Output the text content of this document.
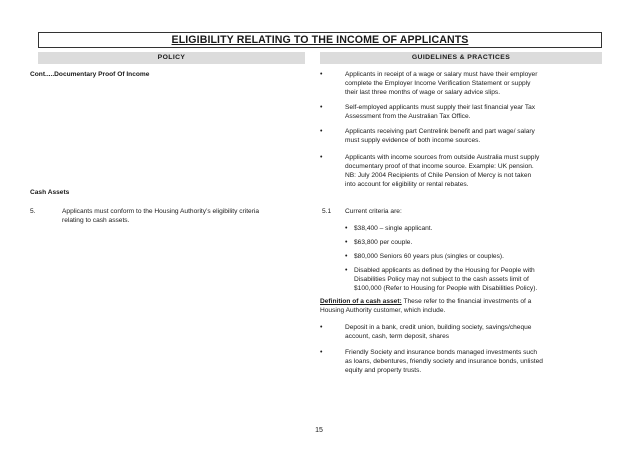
ELIGIBILITY RELATING TO THE INCOME OF APPLICANTS
POLICY	GUIDELINES & PRACTICES
Cont.....Documentary Proof Of Income
Cash Assets
5.	Applicants must conform to the Housing Authority’s eligibility criteria
relating to cash assets.
•	Applicants in receipt of a wage or salary must have their employer
complete the Employer Income Verification Statement or supply
their last three months of wage or salary advice slips.
•	Self-employed applicants must supply their last financial year Tax
Assessment from the Australian Tax Office.
•	Applicants receiving part Centrelink benefit and part wage/ salary
must supply evidence of both income sources.
•	Applicants with income sources from outside Australia must supply
documentary proof of that income source. Example: UK pension.
NB: July 2004 Recipients of Chile Pension of Mercy is not taken
into account for eligibility or rental rebates.
5.1 Current criteria are:
• $38,400 – single applicant.
• $63,800 per couple.
• $80,000 Seniors 60 years plus (singles or couples).
• Disabled applicants as defined by the Housing for People with
Disabilities Policy may not subject to the cash assets limit of
$100,000 (Refer to Housing for People with Disabilities Policy).
Definition of a cash asset: These refer to the financial investments of a
Housing Authority customer, which include.
•	Deposit in a bank, credit union, building society, savings/cheque
account, cash, term deposit, shares
•	Friendly Society and insurance bonds managed investments such
as loans, debentures, friendly society and insurance bonds, unlisted
equity and property trusts.
15
